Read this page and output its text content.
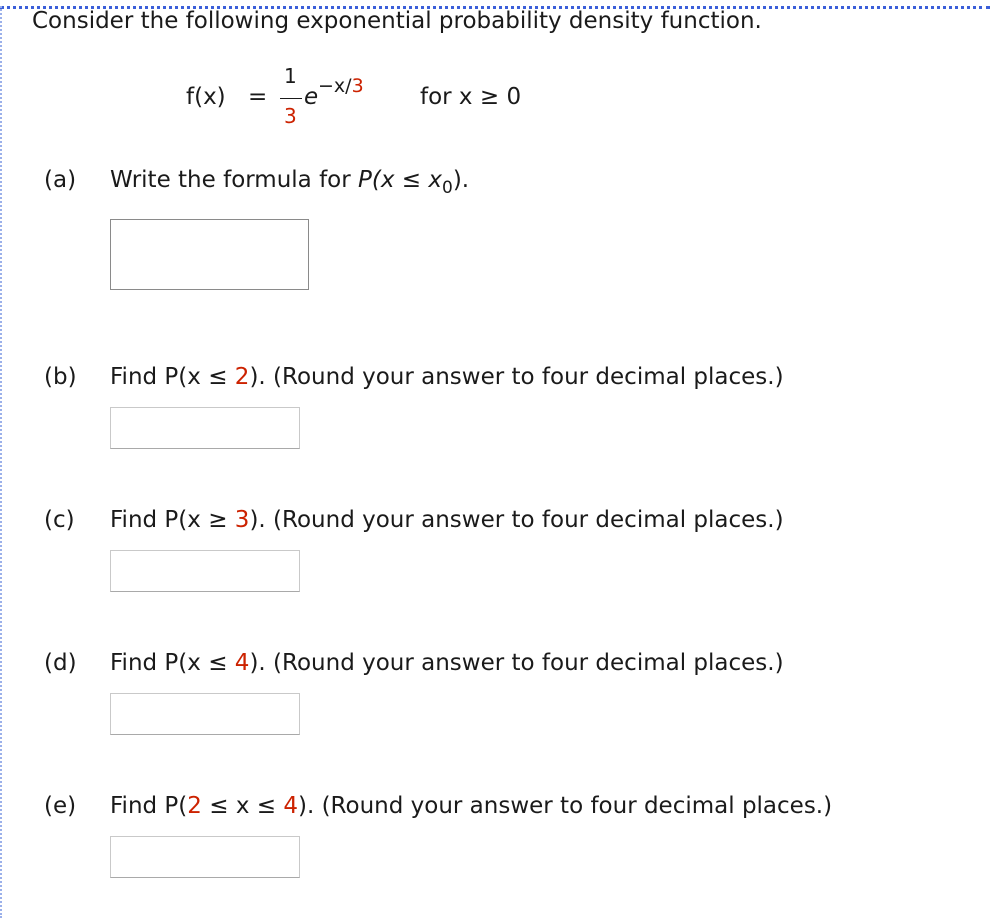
Consider the following exponential probability density function.
f(x) =
1
3
e −x/3 for x ≥ 0
(a) Write the formula for $P(x \le x_0)$.
(b) Find P(x ≤ 2). (Round your answer to four decimal places.)
(c) Find P(x ≥ 3). (Round your answer to four decimal places.)
(d) Find P(x ≤ 4). (Round your answer to four decimal places.)
(e) Find P(2 ≤ x ≤ 4). (Round your answer to four decimal places.)
